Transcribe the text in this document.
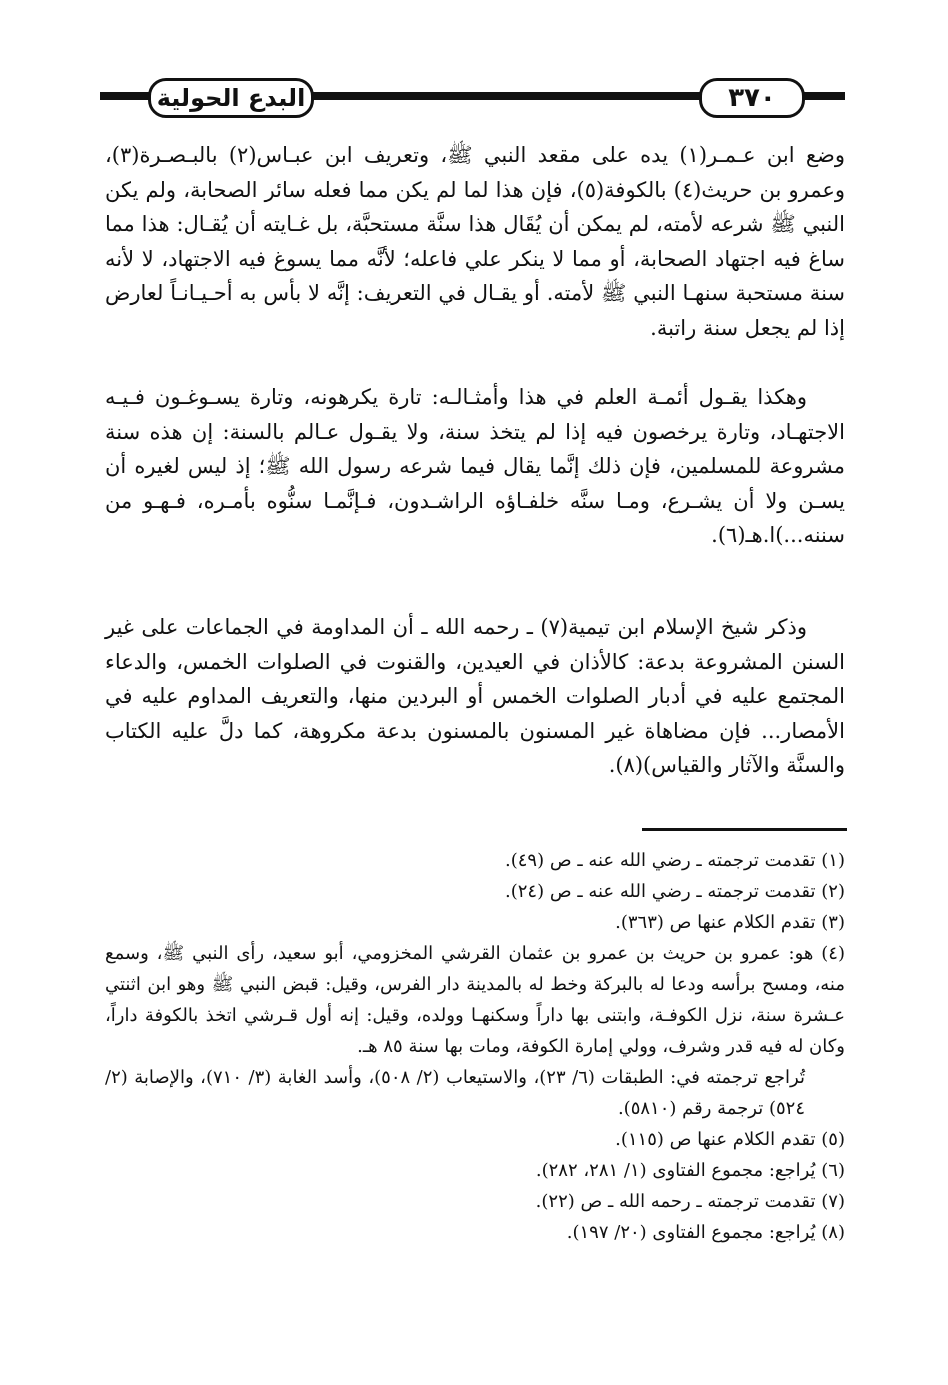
البدع الحولية	٣٧٠

وضع ابن عـمـر(١) يده على مقعد النبي ﷺ، وتعريف ابن عبـاس(٢) بالبـصـرة(٣)، وعمرو بن حريث(٤) بالكوفة(٥)، فإن هذا لما لم يكن مما فعله سائر الصحابة، ولم يكن النبي ﷺ شرعه لأمته، لم يمكن أن يُقَال هذا سنَّة مستحبَّة، بل غـايته أن يُقـال: هذا مما ساغ فيه اجتهاد الصحابة، أو مما لا ينكر علي فاعله؛ لأنَّه مما يسوغ فيه الاجتهاد، لا لأنه سنة مستحبة سنهـا النبي ﷺ لأمته. أو يقـال في التعريف: إنَّه لا بأس به أحـيـانـاً لعارض إذا لم يجعل سنة راتبة.

وهكذا يقـول أئمـة العلم في هذا وأمثـالـه: تارة يكرهونه، وتارة يسـوغـون فـيـه الاجتهـاد، وتارة يرخصون فيه إذا لم يتخذ سنة، ولا يقـول عـالم بالسنة: إن هذه سنة مشروعة للمسلمين، فإن ذلك إنَّما يقال فيما شرعه رسول الله ﷺ؛ إذ ليس لغيره أن يسـن ولا أن يشـرع، ومـا سنَّه خلفـاؤه الراشـدون، فـإنَّمـا سنُّوه بأمـره، فـهـو من سننه...)ا.هـ(٦).

وذكر شيخ الإسلام ابن تيمية(٧) ـ رحمه الله ـ أن المداومة في الجماعات على غير السنن المشروعة بدعة: كالأذان في العيدين، والقنوت في الصلوات الخمس، والدعاء المجتمع عليه في أدبار الصلوات الخمس أو البردين منها، والتعريف المداوم عليه في الأمصار... فإن مضاهاة غير المسنون بالمسنون بدعة مكروهة، كما دلَّ عليه الكتاب والسنَّة والآثار والقياس)(٨).

(١) تقدمت ترجمته ـ رضي الله عنه ـ ص (٤٩).

(٢) تقدمت ترجمته ـ رضي الله عنه ـ ص (٢٤).

(٣) تقدم الكلام عنها ص (٣٦٣).

(٤) هو: عمرو بن حريث بن عمرو بن عثمان القرشي المخزومي، أبو سعيد، رأى النبي ﷺ، وسمع منه، ومسح برأسه ودعا له بالبركة وخط له بالمدينة دار الفرس، وقيل: قبض النبي ﷺ وهو ابن اثنتي عـشرة سنة، نزل الكوفـة، وابتنى بها داراً وسكنهـا وولده، وقيل: إنه أول قـرشي اتخذ بالكوفة داراً، وكان له فيه قدر وشرف، وولي إمارة الكوفة، ومات بها سنة ٨٥ هـ.

تُراجع ترجمته في: الطبقات (٦/ ٢٣)، والاستيعاب (٢/ ٥٠٨)، وأسد الغابة (٣/ ٧١٠)، والإصابة (٢/ ٥٢٤) ترجمة رقم (٥٨١٠).

(٥) تقدم الكلام عنها ص (١١٥).

(٦) يُراجع: مجموع الفتاوى (١/ ٢٨١، ٢٨٢).

(٧) تقدمت ترجمته ـ رحمه الله ـ ص (٢٢).

(٨) يُراجع: مجموع الفتاوى (٢٠/ ١٩٧).
